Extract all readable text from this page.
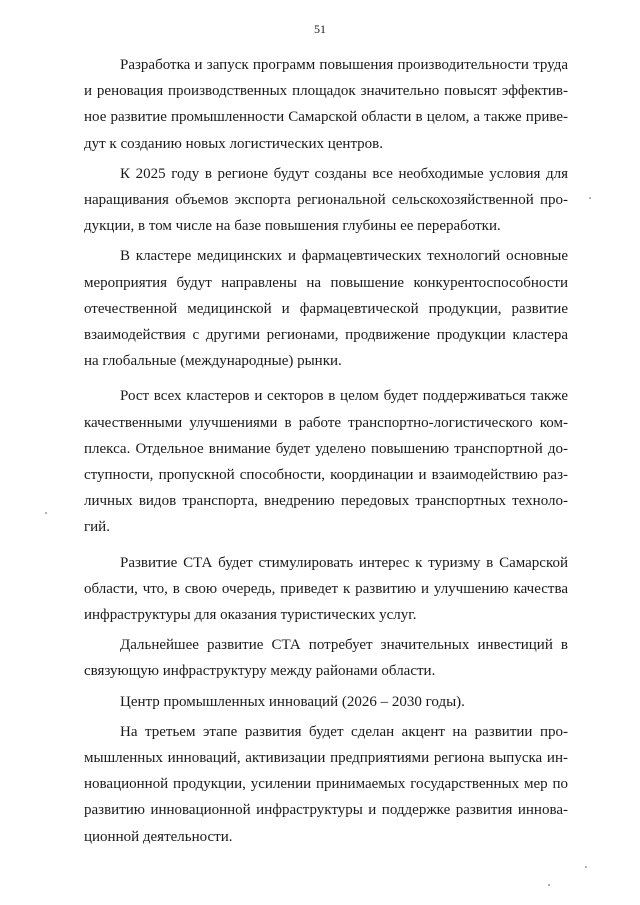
51

Разработка и запуск программ повышения производительности труда и реновация производственных площадок значительно повысят эффективное развитие промышленности Самарской области в целом, а также приведут к созданию новых логистических центров.

К 2025 году в регионе будут созданы все необходимые условия для наращивания объемов экспорта региональной сельскохозяйственной продукции, в том числе на базе повышения глубины ее переработки.

В кластере медицинских и фармацевтических технологий основные мероприятия будут направлены на повышение конкурентоспособности отечественной медицинской и фармацевтической продукции, развитие взаимодействия с другими регионами, продвижение продукции кластера на глобальные (международные) рынки.

Рост всех кластеров и секторов в целом будет поддерживаться также качественными улучшениями в работе транспортно-логистического комплекса. Отдельное внимание будет уделено повышению транспортной доступности, пропускной способности, координации и взаимодействию различных видов транспорта, внедрению передовых транспортных технологий.

Развитие СТА будет стимулировать интерес к туризму в Самарской области, что, в свою очередь, приведет к развитию и улучшению качества инфраструктуры для оказания туристических услуг.

Дальнейшее развитие СТА потребует значительных инвестиций в связующую инфраструктуру между районами области.

Центр промышленных инноваций (2026 – 2030 годы).

На третьем этапе развития будет сделан акцент на развитии промышленных инноваций, активизации предприятиями региона выпуска инновационной продукции, усилении принимаемых государственных мер по развитию инновационной инфраструктуры и поддержке развития инновационной деятельности.
